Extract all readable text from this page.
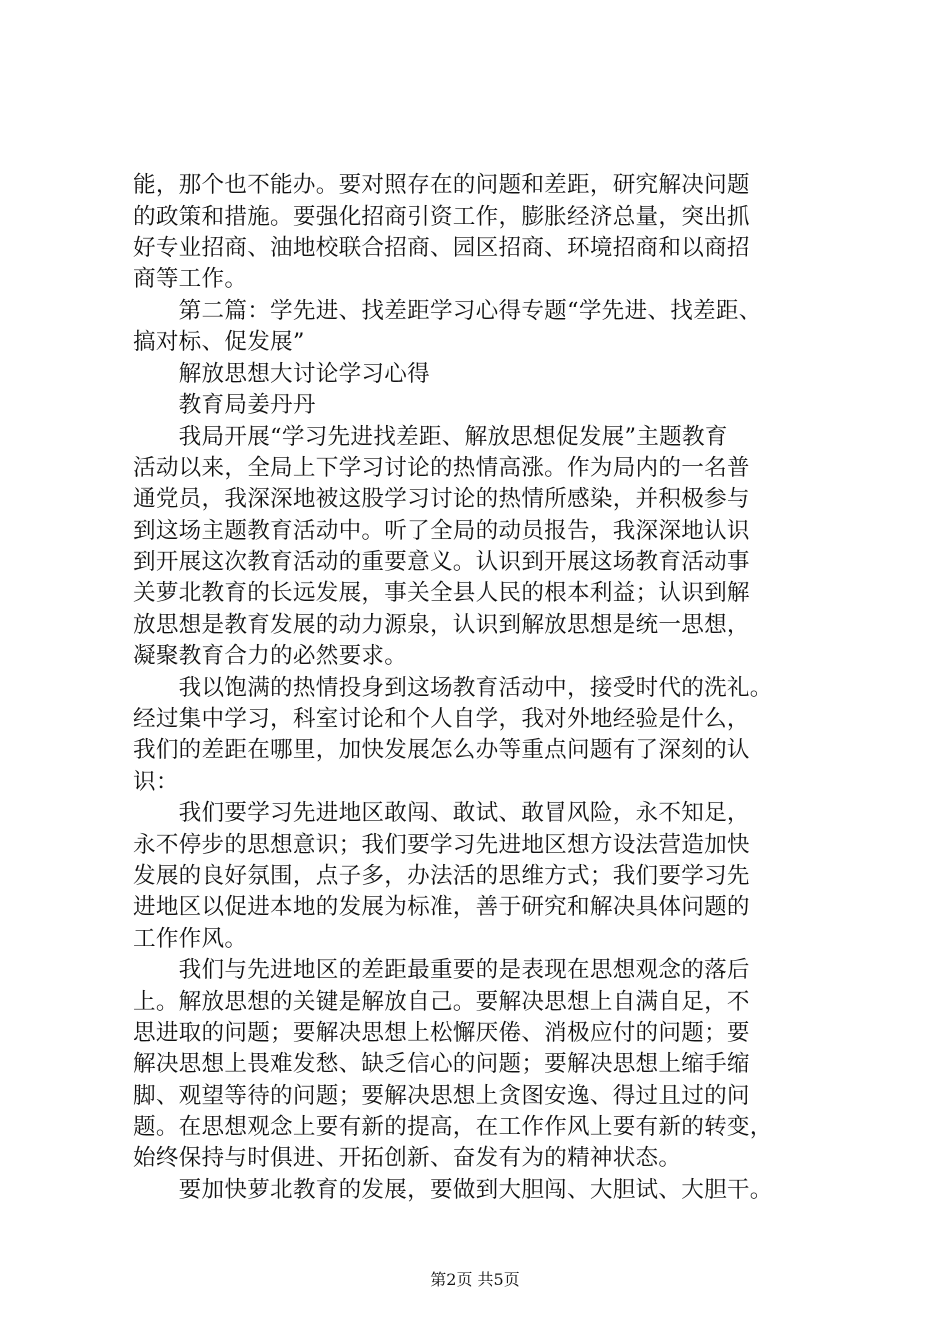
能，那个也不能办。要对照存在的问题和差距，研究解决问题
的政策和措施。要强化招商引资工作，膨胀经济总量，突出抓
好专业招商、油地校联合招商、园区招商、环境招商和以商招
商等工作。
　　第二篇：学先进、找差距学习心得专题“学先进、找差距、
搞对标、促发展”
　　解放思想大讨论学习心得
　　教育局姜丹丹
　　我局开展“学习先进找差距、解放思想促发展”主题教育
活动以来，全局上下学习讨论的热情高涨。作为局内的一名普
通党员，我深深地被这股学习讨论的热情所感染，并积极参与
到这场主题教育活动中。听了全局的动员报告，我深深地认识
到开展这次教育活动的重要意义。认识到开展这场教育活动事
关萝北教育的长远发展，事关全县人民的根本利益；认识到解
放思想是教育发展的动力源泉，认识到解放思想是统一思想，
凝聚教育合力的必然要求。
　　我以饱满的热情投身到这场教育活动中，接受时代的洗礼。
经过集中学习，科室讨论和个人自学，我对外地经验是什么，
我们的差距在哪里，加快发展怎么办等重点问题有了深刻的认
识：
　　我们要学习先进地区敢闯、敢试、敢冒风险，永不知足，
永不停步的思想意识；我们要学习先进地区想方设法营造加快
发展的良好氛围，点子多，办法活的思维方式；我们要学习先
进地区以促进本地的发展为标准，善于研究和解决具体问题的
工作作风。
　　我们与先进地区的差距最重要的是表现在思想观念的落后
上。解放思想的关键是解放自己。要解决思想上自满自足，不
思进取的问题；要解决思想上松懈厌倦、消极应付的问题；要
解决思想上畏难发愁、缺乏信心的问题；要解决思想上缩手缩
脚、观望等待的问题；要解决思想上贪图安逸、得过且过的问
题。在思想观念上要有新的提高，在工作作风上要有新的转变，
始终保持与时俱进、开拓创新、奋发有为的精神状态。
　　要加快萝北教育的发展，要做到大胆闯、大胆试、大胆干。
第2页 共5页
